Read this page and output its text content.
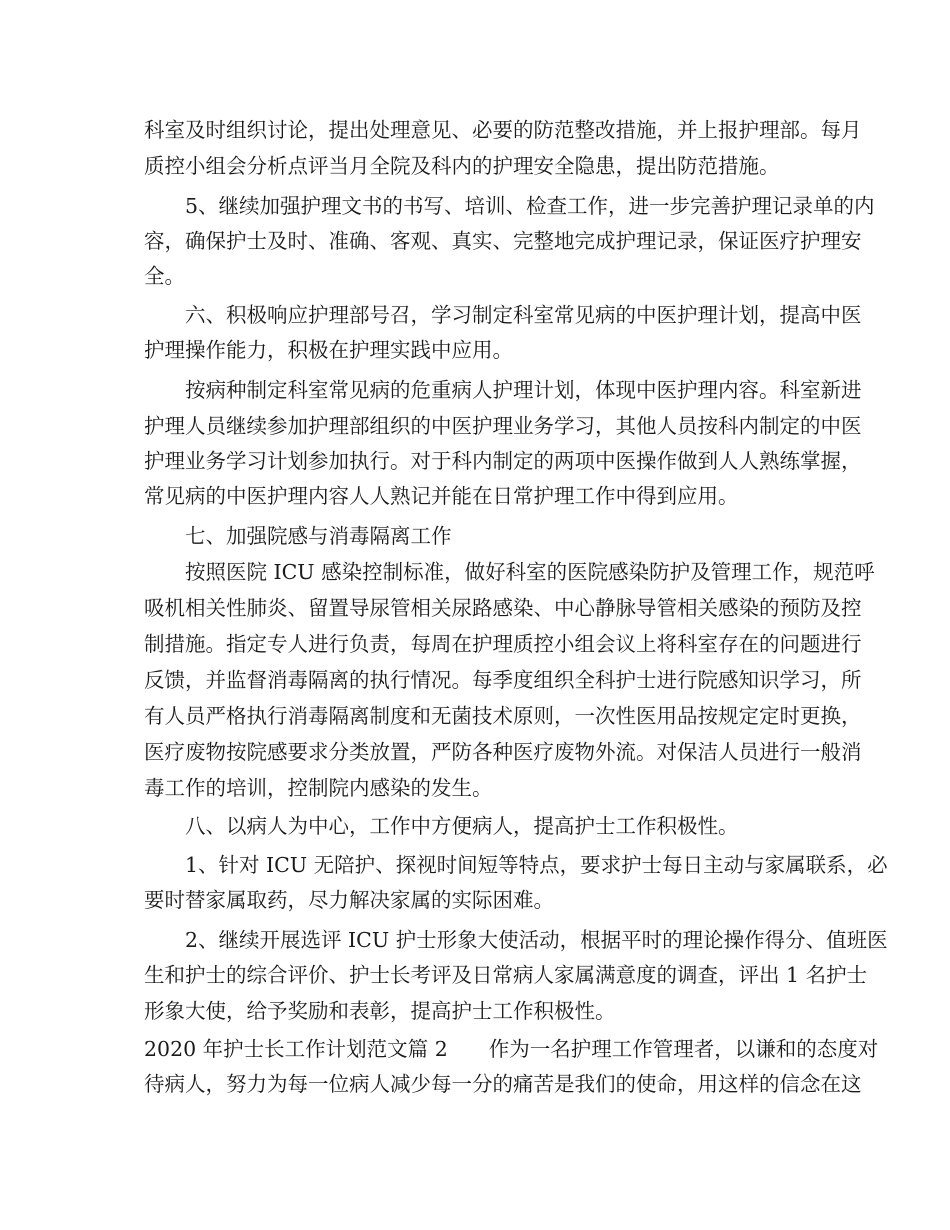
科室及时组织讨论，提出处理意见、必要的防范整改措施，并上报护理部。每月
质控小组会分析点评当月全院及科内的护理安全隐患，提出防范措施。
5、继续加强护理文书的书写、培训、检查工作，进一步完善护理记录单的内
容，确保护士及时、准确、客观、真实、完整地完成护理记录，保证医疗护理安
全。
六、积极响应护理部号召，学习制定科室常见病的中医护理计划，提高中医
护理操作能力，积极在护理实践中应用。
按病种制定科室常见病的危重病人护理计划，体现中医护理内容。科室新进
护理人员继续参加护理部组织的中医护理业务学习，其他人员按科内制定的中医
护理业务学习计划参加执行。对于科内制定的两项中医操作做到人人熟练掌握，
常见病的中医护理内容人人熟记并能在日常护理工作中得到应用。
七、加强院感与消毒隔离工作
按照医院 ICU 感染控制标准，做好科室的医院感染防护及管理工作，规范呼
吸机相关性肺炎、留置导尿管相关尿路感染、中心静脉导管相关感染的预防及控
制措施。指定专人进行负责，每周在护理质控小组会议上将科室存在的问题进行
反馈，并监督消毒隔离的执行情况。每季度组织全科护士进行院感知识学习，所
有人员严格执行消毒隔离制度和无菌技术原则，一次性医用品按规定定时更换，
医疗废物按院感要求分类放置，严防各种医疗废物外流。对保洁人员进行一般消
毒工作的培训，控制院内感染的发生。
八、以病人为中心，工作中方便病人，提高护士工作积极性。
1、针对 ICU 无陪护、探视时间短等特点，要求护士每日主动与家属联系，必
要时替家属取药，尽力解决家属的实际困难。
2、继续开展选评 ICU 护士形象大使活动，根据平时的理论操作得分、值班医
生和护士的综合评价、护士长考评及日常病人家属满意度的调查，评出 1 名护士
形象大使，给予奖励和表彰，提高护士工作积极性。
2020 年护士长工作计划范文篇 2　　作为一名护理工作管理者，以谦和的态度对
待病人，努力为每一位病人减少每一分的痛苦是我们的使命，用这样的信念在这
